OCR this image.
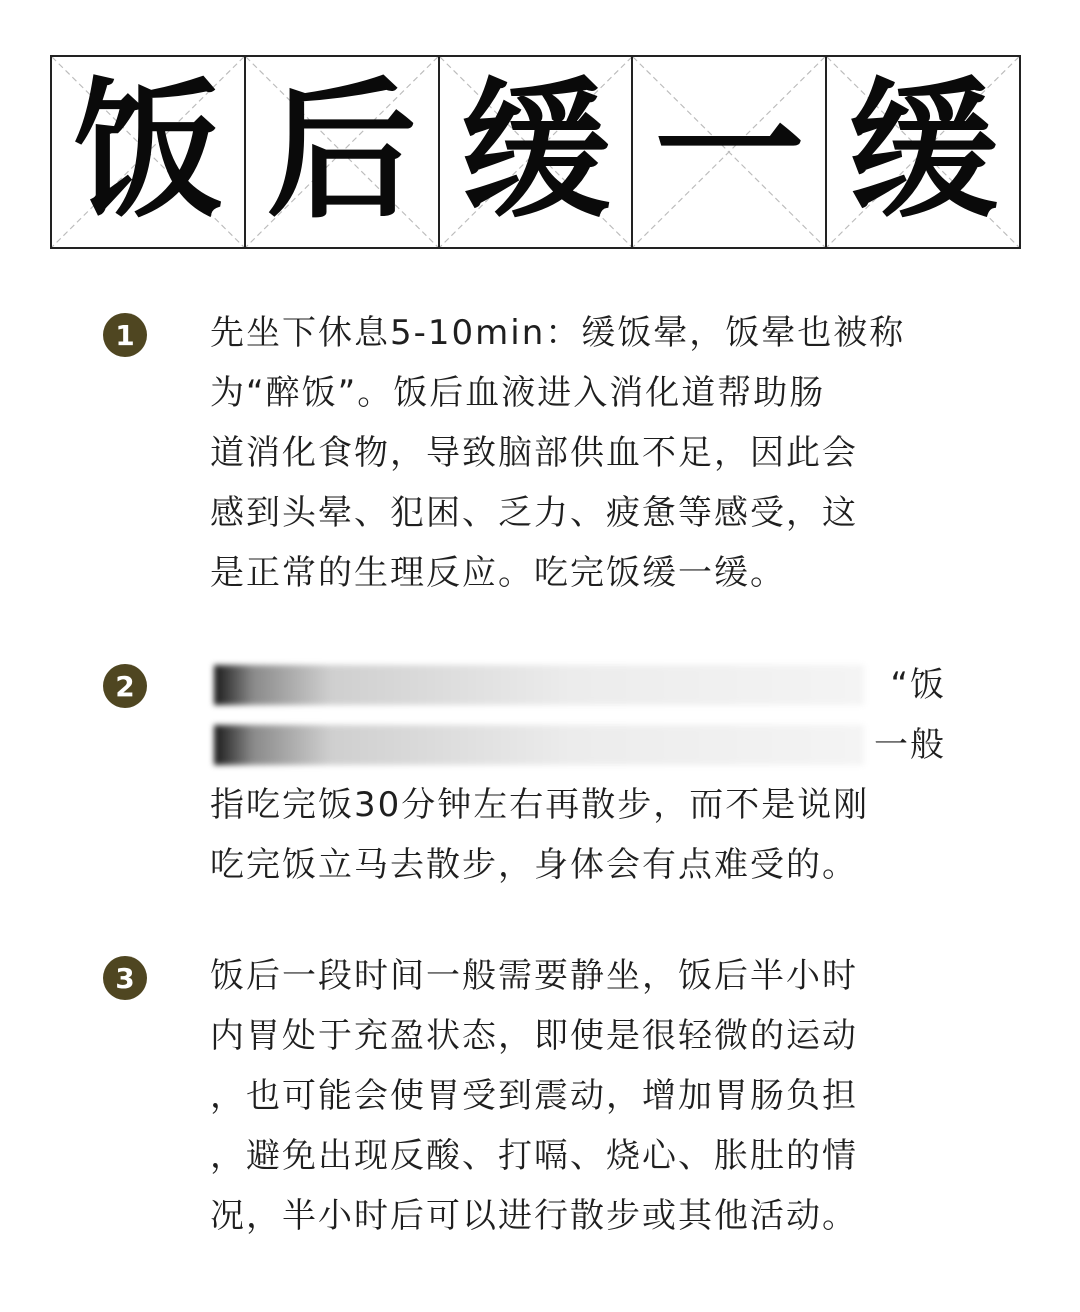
饭 后 缓 一 缓
1	先坐下休息5-10min：缓饭晕，饭晕也被称
为“醉饭”。饭后血液进入消化道帮助肠
道消化食物，导致脑部供血不足，因此会
感到头晕、犯困、乏力、疲惫等感受，这
是正常的生理反应。吃完饭缓一缓。
2	“饭
一般
指吃完饭30分钟左右再散步，而不是说刚
吃完饭立马去散步，身体会有点难受的。
3	饭后一段时间一般需要静坐，饭后半小时
内胃处于充盈状态，即使是很轻微的运动
，也可能会使胃受到震动，增加胃肠负担
，避免出现反酸、打嗝、烧心、胀肚的情
况，半小时后可以进行散步或其他活动。
